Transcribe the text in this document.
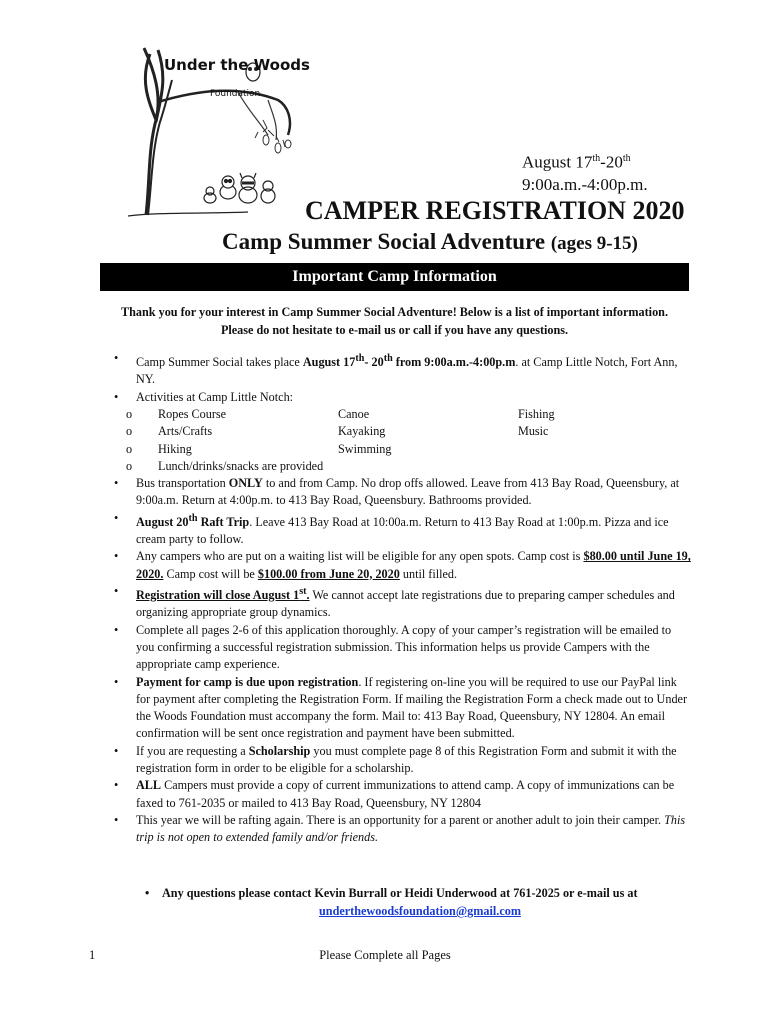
Under the Woods
Foundation
August 17th-20th
9:00a.m.-4:00p.m.
CAMPER REGISTRATION 2020
Camp Summer Social Adventure (ages 9-15)
Important Camp Information
Thank you for your interest in Camp Summer Social Adventure! Below is a list of important information.
Please do not hesitate to e-mail us or call if you have any questions.
• Camp Summer Social takes place August 17th- 20th from 9:00a.m.-4:00p.m. at Camp Little Notch, Fort Ann, NY.
• Activities at Camp Little Notch:
o Ropes Course	Canoe	Fishing
o Arts/Crafts	Kayaking	Music
o Hiking	Swimming
o Lunch/drinks/snacks are provided
• Bus transportation ONLY to and from Camp. No drop offs allowed. Leave from 413 Bay Road, Queensbury, at 9:00a.m. Return at 4:00p.m. to 413 Bay Road, Queensbury. Bathrooms provided.
• August 20th Raft Trip. Leave 413 Bay Road at 10:00a.m. Return to 413 Bay Road at 1:00p.m. Pizza and ice cream party to follow.
• Any campers who are put on a waiting list will be eligible for any open spots. Camp cost is $80.00 until June 19, 2020. Camp cost will be $100.00 from June 20, 2020 until filled.
• Registration will close August 1st. We cannot accept late registrations due to preparing camper schedules and organizing appropriate group dynamics.
• Complete all pages 2-6 of this application thoroughly. A copy of your camper’s registration will be emailed to you confirming a successful registration submission. This information helps us provide Campers with the appropriate camp experience.
• Payment for camp is due upon registration. If registering on-line you will be required to use our PayPal link for payment after completing the Registration Form. If mailing the Registration Form a check made out to Under the Woods Foundation must accompany the form. Mail to: 413 Bay Road, Queensbury, NY 12804. An email confirmation will be sent once registration and payment have been submitted.
• If you are requesting a Scholarship you must complete page 8 of this Registration Form and submit it with the registration form in order to be eligible for a scholarship.
• ALL Campers must provide a copy of current immunizations to attend camp. A copy of immunizations can be faxed to 761-2035 or mailed to 413 Bay Road, Queensbury, NY 12804
• This year we will be rafting again. There is an opportunity for a parent or another adult to join their camper. This trip is not open to extended family and/or friends.
•	Any questions please contact Kevin Burrall or Heidi Underwood at 761-2025 or e-mail us at
underthewoodsfoundation@gmail.com
1	Please Complete all Pages
